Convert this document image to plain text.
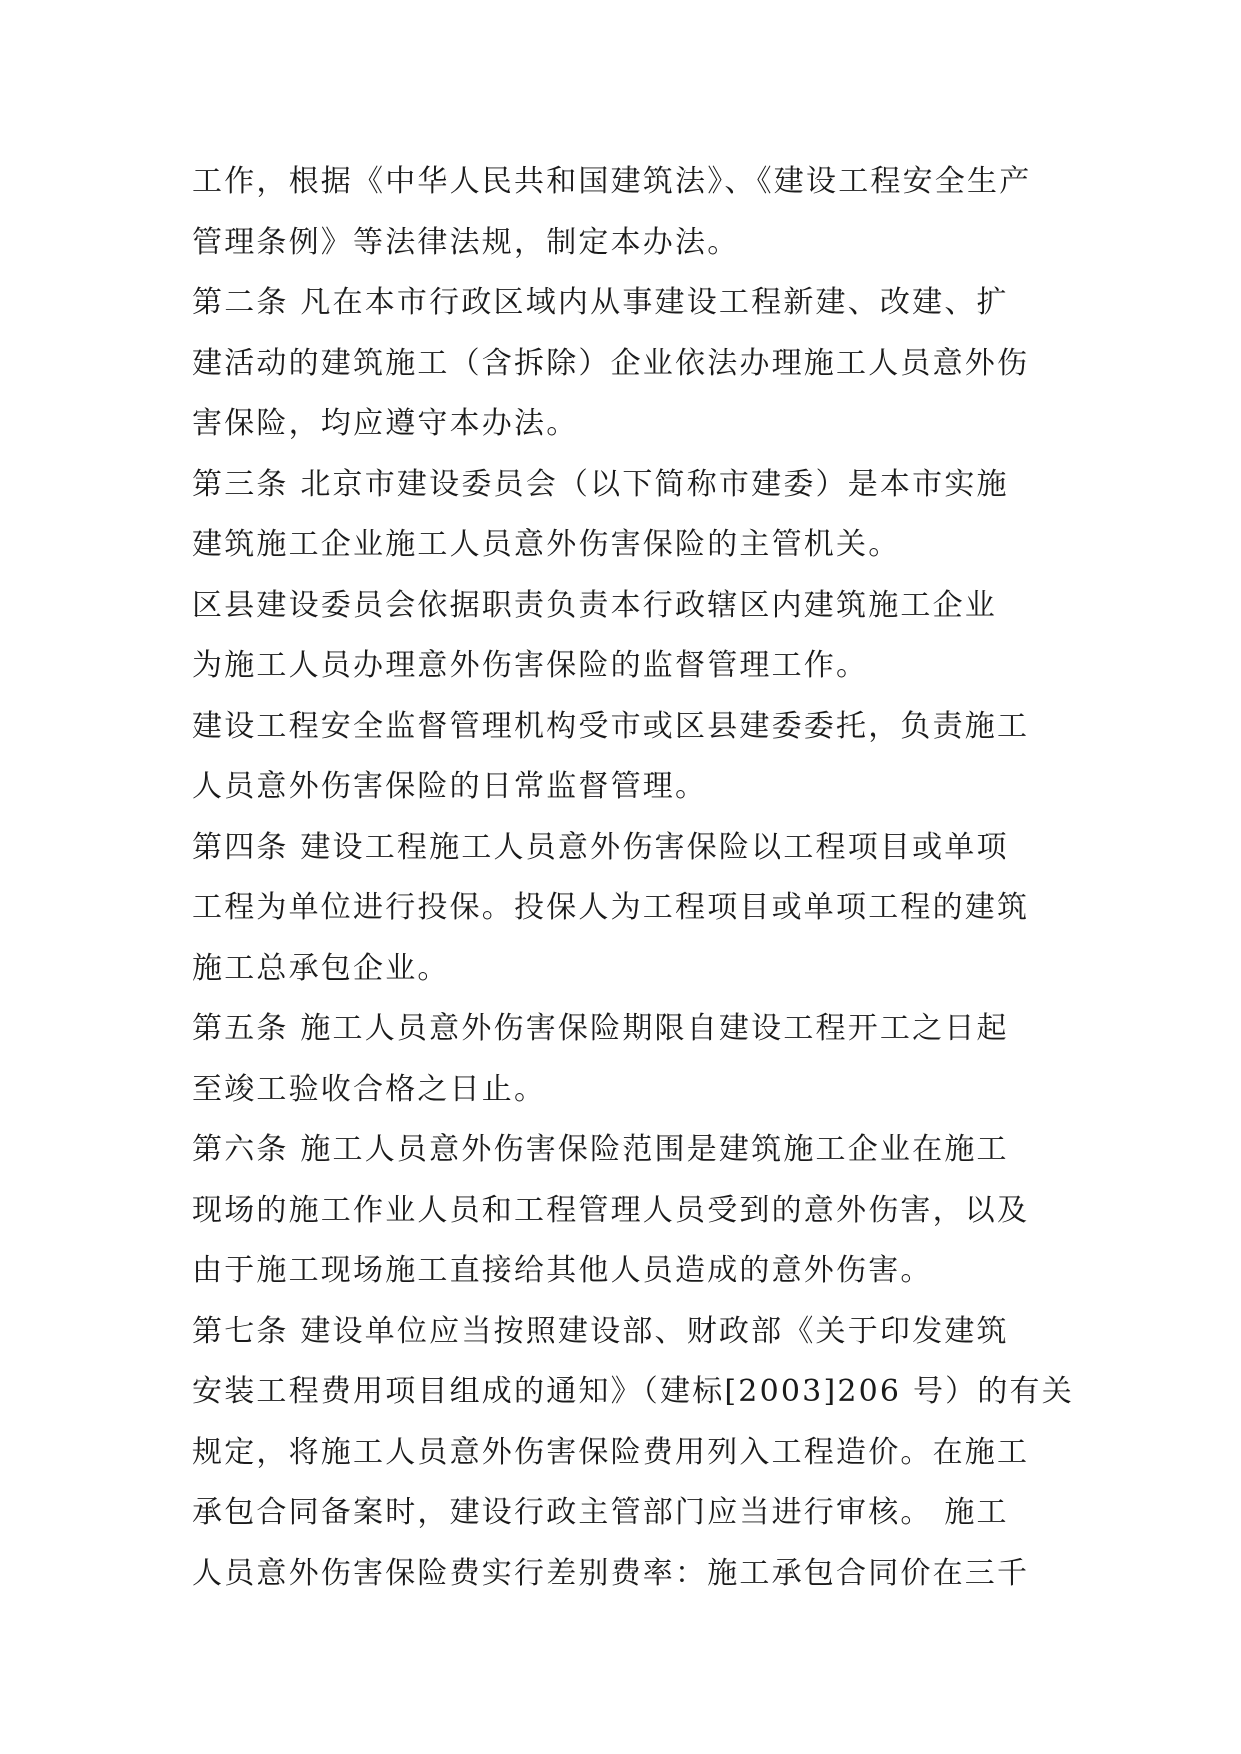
工作，根据《中华人民共和国建筑法》、《建设工程安全生产
管理条例》等法律法规，制定本办法。
第二条 凡在本市行政区域内从事建设工程新建、改建、扩
建活动的建筑施工（含拆除）企业依法办理施工人员意外伤
害保险，均应遵守本办法。
第三条 北京市建设委员会（以下简称市建委）是本市实施
建筑施工企业施工人员意外伤害保险的主管机关。
区县建设委员会依据职责负责本行政辖区内建筑施工企业
为施工人员办理意外伤害保险的监督管理工作。
建设工程安全监督管理机构受市或区县建委委托，负责施工
人员意外伤害保险的日常监督管理。
第四条 建设工程施工人员意外伤害保险以工程项目或单项
工程为单位进行投保。投保人为工程项目或单项工程的建筑
施工总承包企业。
第五条 施工人员意外伤害保险期限自建设工程开工之日起
至竣工验收合格之日止。
第六条 施工人员意外伤害保险范围是建筑施工企业在施工
现场的施工作业人员和工程管理人员受到的意外伤害，以及
由于施工现场施工直接给其他人员造成的意外伤害。
第七条 建设单位应当按照建设部、财政部《关于印发建筑
安装工程费用项目组成的通知》（建标[2003]206 号）的有关
规定，将施工人员意外伤害保险费用列入工程造价。在施工
承包合同备案时，建设行政主管部门应当进行审核。 施工
人员意外伤害保险费实行差别费率：施工承包合同价在三千
